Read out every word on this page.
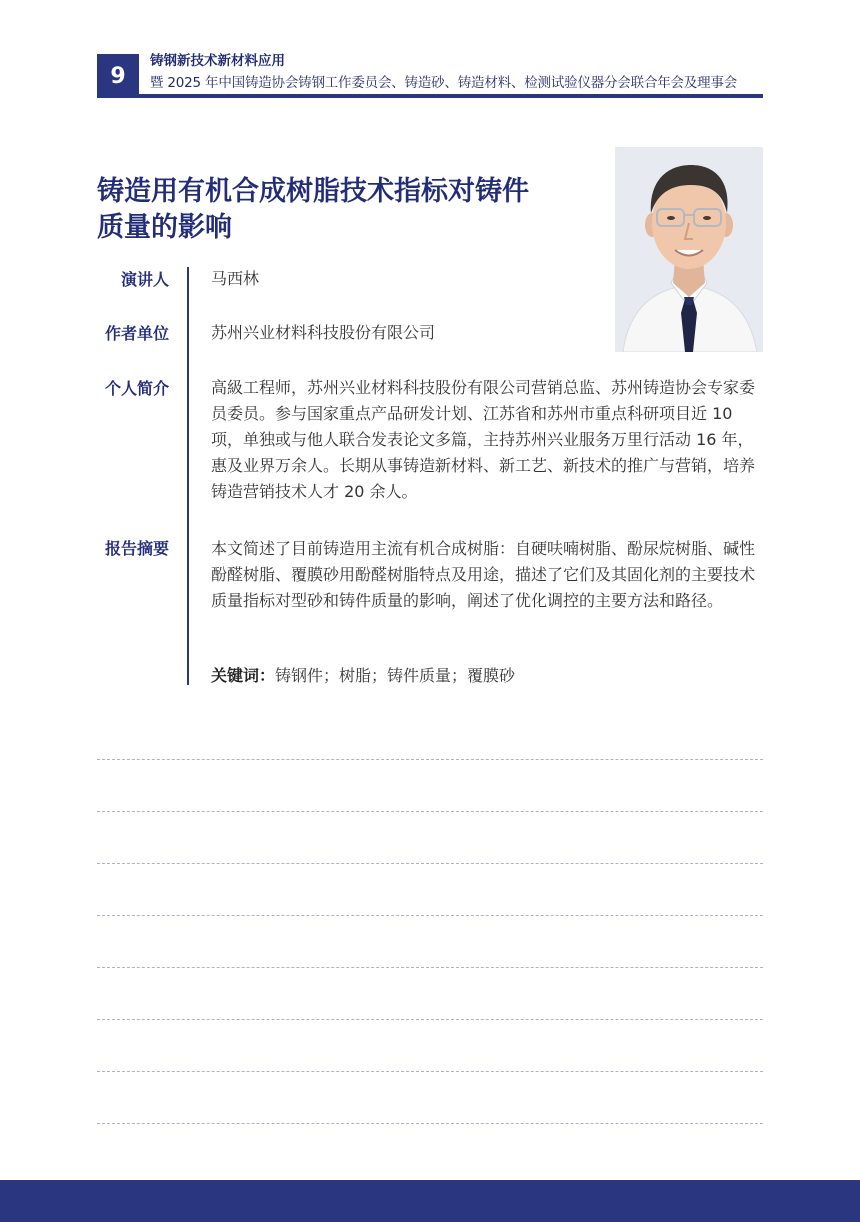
9
铸钢新技术新材料应用
暨 2025 年中国铸造协会铸钢工作委员会、铸造砂、铸造材料、检测试验仪器分会联合年会及理事会
铸造用有机合成树脂技术指标对铸件
质量的影响
演讲人	马西林

作者单位	苏州兴业材料科技股份有限公司

个人简介	高級工程师，苏州兴业材料科技股份有限公司营销总监、苏州铸造协会专家委员委员。参与国家重点产品研发计划、江苏省和苏州市重点科研项目近 10 项，单独或与他人联合发表论文多篇，主持苏州兴业服务万里行活动 16 年，惠及业界万余人。长期从事铸造新材料、新工艺、新技术的推广与营销，培养铸造营销技术人才 20 余人。

报告摘要	本文简述了目前铸造用主流有机合成树脂：自硬呋喃树脂、酚尿烷树脂、碱性酚醛树脂、覆膜砂用酚醛树脂特点及用途，描述了它们及其固化剂的主要技术质量指标对型砂和铸件质量的影响，阐述了优化调控的主要方法和路径。

关键词：铸钢件；树脂；铸件质量；覆膜砂
